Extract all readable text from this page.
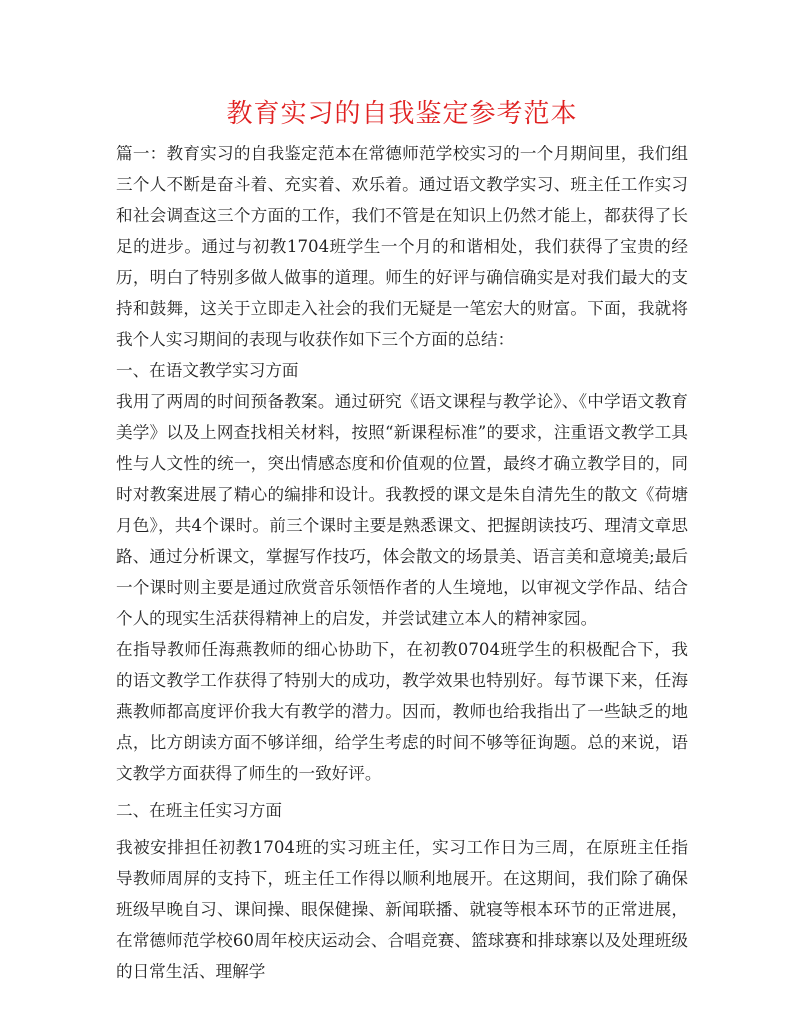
教育实习的自我鉴定参考范本

篇一：教育实习的自我鉴定范本在常德师范学校实习的一个月期间里，我们组三个人不断是奋斗着、充实着、欢乐着。通过语文教学实习、班主任工作实习和社会调查这三个方面的工作，我们不管是在知识上仍然才能上，都获得了长足的进步。通过与初教1704班学生一个月的和谐相处，我们获得了宝贵的经历，明白了特别多做人做事的道理。师生的好评与确信确实是对我们最大的支持和鼓舞，这关于立即走入社会的我们无疑是一笔宏大的财富。下面，我就将我个人实习期间的表现与收获作如下三个方面的总结：

一、在语文教学实习方面

我用了两周的时间预备教案。通过研究《语文课程与教学论》、《中学语文教育美学》以及上网查找相关材料，按照“新课程标准”的要求，注重语文教学工具性与人文性的统一，突出情感态度和价值观的位置，最终才确立教学目的，同时对教案进展了精心的编排和设计。我教授的课文是朱自清先生的散文《荷塘月色》，共4个课时。前三个课时主要是熟悉课文、把握朗读技巧、理清文章思路、通过分析课文，掌握写作技巧，体会散文的场景美、语言美和意境美;最后一个课时则主要是通过欣赏音乐领悟作者的人生境地，以审视文学作品、结合个人的现实生活获得精神上的启发，并尝试建立本人的精神家园。

在指导教师任海燕教师的细心协助下，在初教0704班学生的积极配合下，我的语文教学工作获得了特别大的成功，教学效果也特别好。每节课下来，任海燕教师都高度评价我大有教学的潜力。因而，教师也给我指出了一些缺乏的地点，比方朗读方面不够详细，给学生考虑的时间不够等征询题。总的来说，语文教学方面获得了师生的一致好评。

二、在班主任实习方面

我被安排担任初教1704班的实习班主任，实习工作日为三周，在原班主任指导教师周屏的支持下，班主任工作得以顺利地展开。在这期间，我们除了确保班级早晚自习、课间操、眼保健操、新闻联播、就寝等根本环节的正常进展，在常德师范学校60周年校庆运动会、合唱竞赛、篮球赛和排球寨以及处理班级的日常生活、理解学
